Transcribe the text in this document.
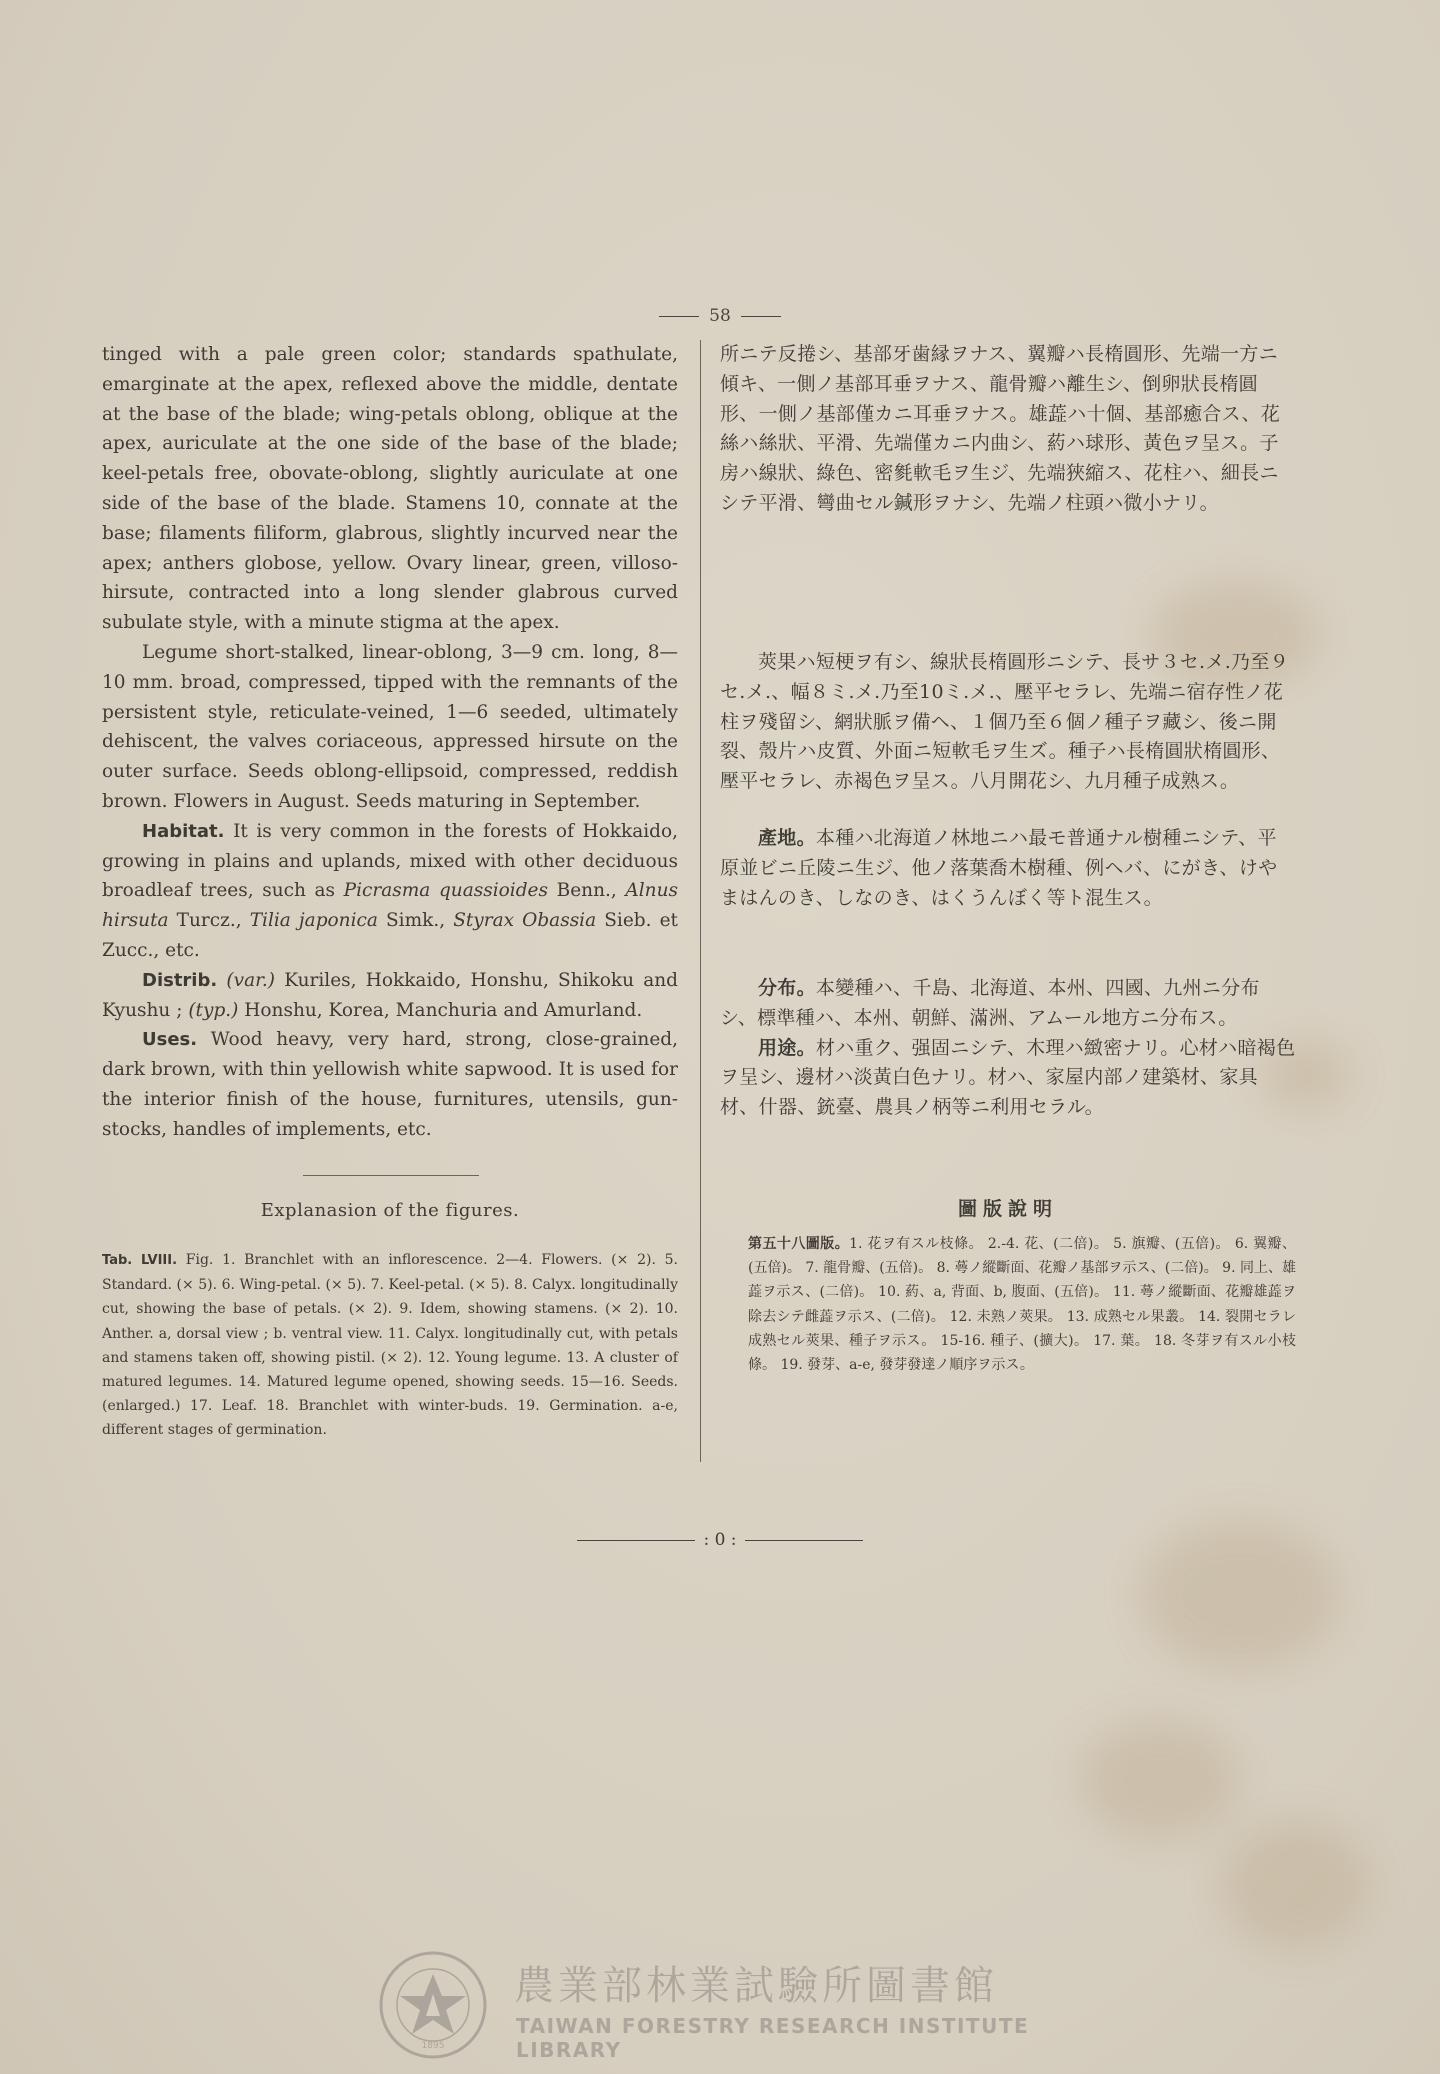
58

tinged with a pale green color; standards spathulate, emarginate at the apex, reflexed above the middle, dentate at the base of the blade; wing-petals oblong, oblique at the apex, auriculate at the one side of the base of the blade; keel-petals free, obovate-oblong, slightly auriculate at one side of the base of the blade. Stamens 10, connate at the base; filaments filiform, glabrous, slightly incurved near the apex; anthers globose, yellow. Ovary linear, green, villoso-hirsute, contracted into a long slender glabrous curved subulate style, with a minute stigma at the apex.

Legume short-stalked, linear-oblong, 3—9 cm. long, 8—10 mm. broad, compressed, tipped with the remnants of the persistent style, reticulate-veined, 1—6 seeded, ultimately dehiscent, the valves coriaceous, appressed hirsute on the outer surface. Seeds oblong-ellipsoid, compressed, reddish brown. Flowers in August. Seeds maturing in September.

Habitat. It is very common in the forests of Hokkaido, growing in plains and uplands, mixed with other deciduous broadleaf trees, such as Picrasma quassioides Benn., Alnus hirsuta Turcz., Tilia japonica Simk., Styrax Obassia Sieb. et Zucc., etc.

Distrib. (var.) Kuriles, Hokkaido, Honshu, Shikoku and Kyushu ; (typ.) Honshu, Korea, Manchuria and Amurland.

Uses. Wood heavy, very hard, strong, close-grained, dark brown, with thin yellowish white sapwood. It is used for the interior finish of the house, furnitures, utensils, gun-stocks, handles of implements, etc.

Explanasion of the figures.
Tab. LVIII. Fig. 1. Branchlet with an inflorescence. 2—4. Flowers. (× 2). 5. Standard. (× 5). 6. Wing-petal. (× 5). 7. Keel-petal. (× 5). 8. Calyx. longitudinally cut, showing the base of petals. (× 2). 9. Idem, showing stamens. (× 2). 10. Anther. a, dorsal view ; b. ventral view. 11. Calyx. longitudinally cut, with petals and stamens taken off, showing pistil. (× 2). 12. Young legume. 13. A cluster of matured legumes. 14. Matured legume opened, showing seeds. 15—16. Seeds. (enlarged.) 17. Leaf. 18. Branchlet with winter-buds. 19. Germination. a-e, different stages of germination.

所ニテ反捲シ、基部牙歯縁ヲナス、翼瓣ハ長楕圓形、先端一方ニ傾キ、一側ノ基部耳垂ヲナス、龍骨瓣ハ離生シ、倒卵狀長楕圓形、一側ノ基部僅カニ耳垂ヲナス。雄蕋ハ十個、基部癒合ス、花絲ハ絲狀、平滑、先端僅カニ内曲シ、葯ハ球形、黃色ヲ呈ス。子房ハ線狀、綠色、密毿軟毛ヲ生ジ、先端狹縮ス、花柱ハ、細長ニシテ平滑、彎曲セル鍼形ヲナシ、先端ノ柱頭ハ微小ナリ。

莢果ハ短梗ヲ有シ、線狀長楕圓形ニシテ、長サ３セ.メ.乃至９セ.メ.、幅８ミ.メ.乃至10ミ.メ.、壓平セラレ、先端ニ宿存性ノ花柱ヲ殘留シ、網狀脈ヲ備ヘ、１個乃至６個ノ種子ヲ藏シ、後ニ開裂、殼片ハ皮質、外面ニ短軟毛ヲ生ズ。種子ハ長楕圓狀楕圓形、壓平セラレ、赤褐色ヲ呈ス。八月開花シ、九月種子成熟ス。

產地。本種ハ北海道ノ林地ニハ最モ普通ナル樹種ニシテ、平原並ビニ丘陵ニ生ジ、他ノ落葉喬木樹種、例ヘバ、にがき、けやまはんのき、しなのき、はくうんぼく等ト混生ス。

分布。本變種ハ、千島、北海道、本州、四國、九州ニ分布シ、標準種ハ、本州、朝鮮、滿洲、アムール地方ニ分布ス。

用途。材ハ重ク、强固ニシテ、木理ハ緻密ナリ。心材ハ暗褐色ヲ呈シ、邊材ハ淡黃白色ナリ。材ハ、家屋内部ノ建築材、家具材、什器、銃臺、農具ノ柄等ニ利用セラル。

圖版說明
第五十八圖版。1. 花ヲ有スル枝條。 2.-4. 花、(二倍)。 5. 旗瓣、(五倍)。 6. 翼瓣、(五倍)。 7. 龍骨瓣、(五倍)。 8. 蕚ノ縱斷面、花瓣ノ基部ヲ示ス、(二倍)。 9. 同上、雄蕋ヲ示ス、(二倍)。 10. 葯、a, 背面、b, 腹面、(五倍)。 11. 蕚ノ縱斷面、花瓣雄蕋ヲ除去シテ雌蕋ヲ示ス、(二倍)。 12. 未熟ノ莢果。 13. 成熟セル果叢。 14. 裂開セラレ成熟セル莢果、種子ヲ示ス。 15-16. 種子、(擴大)。 17. 葉。 18. 冬芽ヲ有スル小枝條。 19. 發芽、a-e, 發芽發達ノ順序ヲ示ス。
: 0 :
1895
農業部林業試驗所圖書館
TAIWAN FORESTRY RESEARCH INSTITUTE LIBRARY
